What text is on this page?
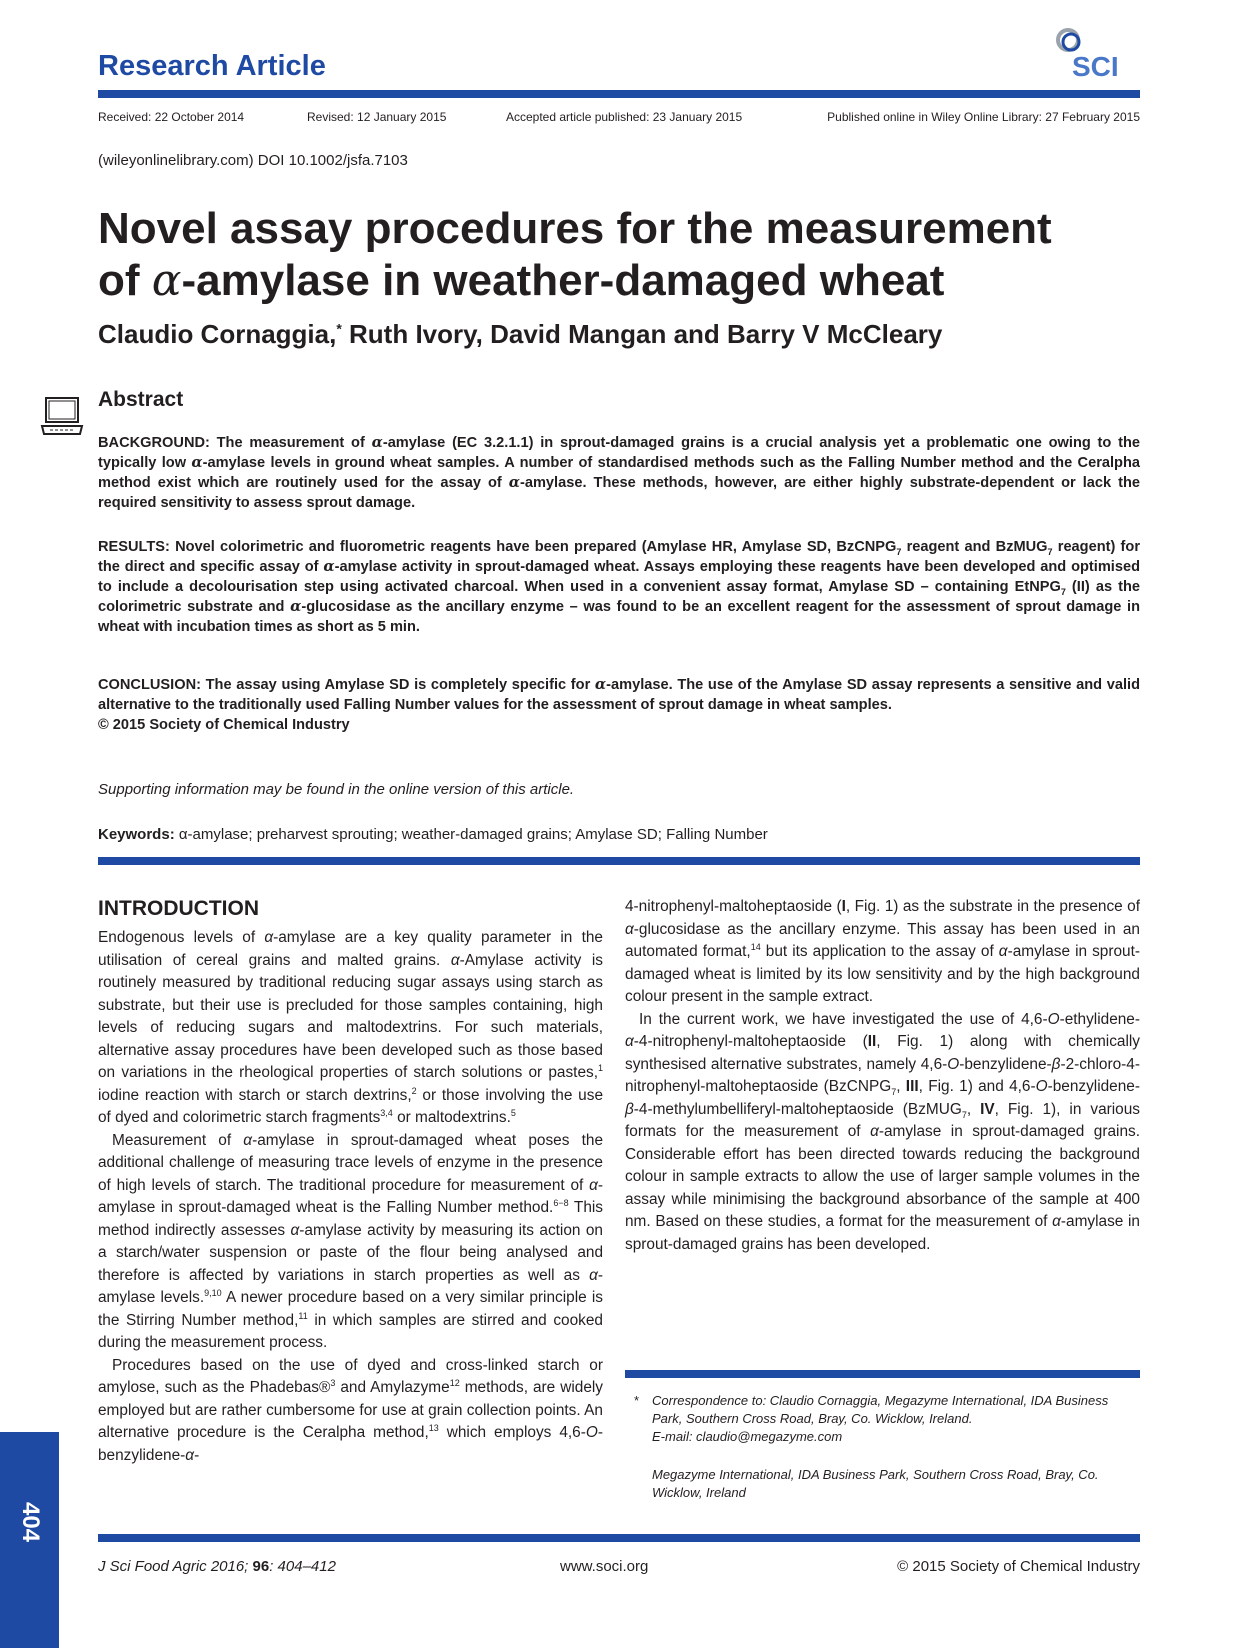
Research Article	SCI
Received: 22 October 2014	Revised: 12 January 2015	Accepted article published: 23 January 2015	Published online in Wiley Online Library: 27 February 2015
(wileyonlinelibrary.com) DOI 10.1002/jsfa.7103
Novel assay procedures for the measurement
of α-amylase in weather-damaged wheat
Claudio Cornaggia,* Ruth Ivory, David Mangan and Barry V McCleary
Abstract
BACKGROUND: The measurement of α-amylase (EC 3.2.1.1) in sprout-damaged grains is a crucial analysis yet a problematic one owing to the typically low α-amylase levels in ground wheat samples. A number of standardised methods such as the Falling Number method and the Ceralpha method exist which are routinely used for the assay of α-amylase. These methods, however, are either highly substrate-dependent or lack the required sensitivity to assess sprout damage.
RESULTS: Novel colorimetric and fluorometric reagents have been prepared (Amylase HR, Amylase SD, BzCNPG$_7$ reagent and BzMUG$_7$ reagent) for the direct and specific assay of α-amylase activity in sprout-damaged wheat. Assays employing these reagents have been developed and optimised to include a decolourisation step using activated charcoal. When used in a convenient assay format, Amylase SD – containing EtNPG$_7$ (II) as the colorimetric substrate and α-glucosidase as the ancillary enzyme – was found to be an excellent reagent for the assessment of sprout damage in wheat with incubation times as short as 5 min.
CONCLUSION: The assay using Amylase SD is completely specific for α-amylase. The use of the Amylase SD assay represents a sensitive and valid alternative to the traditionally used Falling Number values for the assessment of sprout damage in wheat samples.
© 2015 Society of Chemical Industry
Supporting information may be found in the online version of this article.
Keywords: α-amylase; preharvest sprouting; weather-damaged grains; Amylase SD; Falling Number
INTRODUCTION

Endogenous levels of α-amylase are a key quality parameter in the utilisation of cereal grains and malted grains. α-Amylase activity is routinely measured by traditional reducing sugar assays using starch as substrate, but their use is precluded for those samples containing, high levels of reducing sugars and maltodextrins. For such materials, alternative assay procedures have been developed such as those based on variations in the rheological properties of starch solutions or pastes,$^1$ iodine reaction with starch or starch dextrins,$^2$ or those involving the use of dyed and colorimetric starch fragments$^{3,4}$ or maltodextrins.$^5$

Measurement of α-amylase in sprout-damaged wheat poses the additional challenge of measuring trace levels of enzyme in the presence of high levels of starch. The traditional procedure for measurement of α-amylase in sprout-damaged wheat is the Falling Number method.$^{6-8}$ This method indirectly assesses α-amylase activity by measuring its action on a starch/water suspension or paste of the flour being analysed and therefore is affected by variations in starch properties as well as α-amylase levels.$^{9,10}$ A newer procedure based on a very similar principle is the Stirring Number method,$^{11}$ in which samples are stirred and cooked during the measurement process.

Procedures based on the use of dyed and cross-linked starch or amylose, such as the Phadebas®$^3$ and Amylazyme$^{12}$ methods, are widely employed but are rather cumbersome for use at grain collection points. An alternative procedure is the Ceralpha method,$^{13}$ which employs 4,6-O-benzylidene-α-

4-nitrophenyl-maltoheptaoside (I, Fig. 1) as the substrate in the presence of α-glucosidase as the ancillary enzyme. This assay has been used in an automated format,$^{14}$ but its application to the assay of α-amylase in sprout-damaged wheat is limited by its low sensitivity and by the high background colour present in the sample extract.

In the current work, we have investigated the use of 4,6-O-ethylidene-α-4-nitrophenyl-maltoheptaoside (II, Fig. 1) along with chemically synthesised alternative substrates, namely 4,6-O-benzylidene-β-2-chloro-4-nitrophenyl-maltoheptaoside (BzCNPG$_7$, III, Fig. 1) and 4,6-O-benzylidene-β-4-methylumbelliferyl-maltoheptaoside (BzMUG$_7$, IV, Fig. 1), in various formats for the measurement of α-amylase in sprout-damaged grains. Considerable effort has been directed towards reducing the background colour in sample extracts to allow the use of larger sample volumes in the assay while minimising the background absorbance of the sample at 400 nm. Based on these studies, a format for the measurement of α-amylase in sprout-damaged grains has been developed.

* Correspondence to: Claudio Cornaggia, Megazyme International, IDA Business Park, Southern Cross Road, Bray, Co. Wicklow, Ireland.
E-mail: claudio@megazyme.com
Megazyme International, IDA Business Park, Southern Cross Road, Bray, Co. Wicklow, Ireland
J Sci Food Agric 2016; 96: 404–412	www.soci.org	© 2015 Society of Chemical Industry
404
